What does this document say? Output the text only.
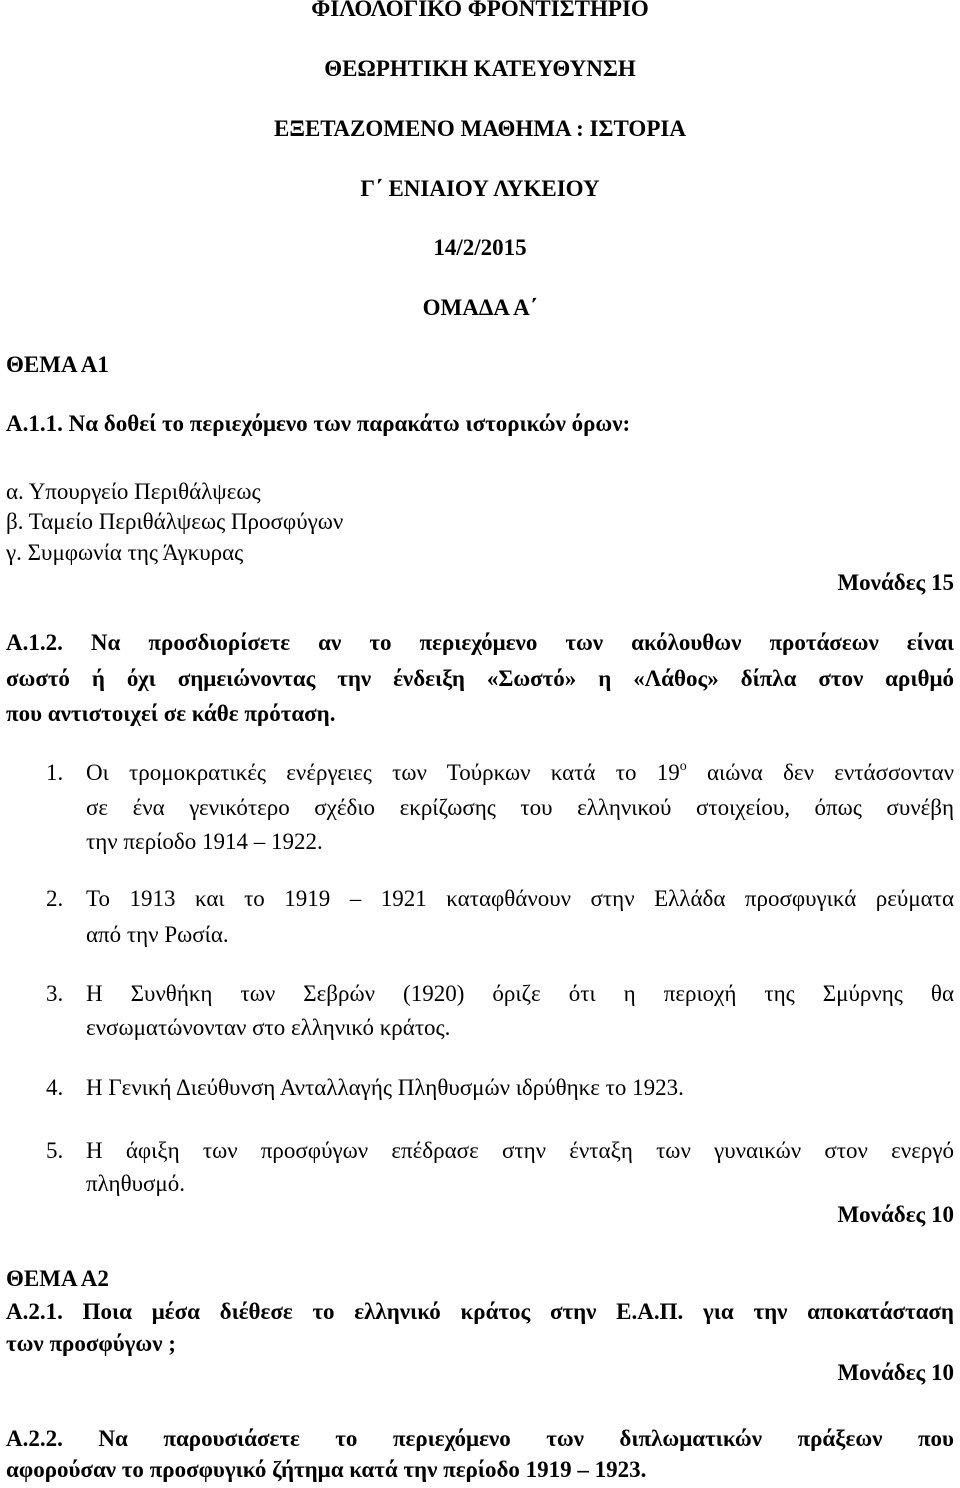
ΦΙΛΟΛΟΓΙΚΟ ΦΡΟΝΤΙΣΤΗΡΙΟ
ΘΕΩΡΗΤΙΚΗ ΚΑΤΕΥΘΥΝΣΗ
ΕΞΕΤΑΖΟΜΕΝΟ ΜΑΘΗΜΑ : ΙΣΤΟΡΙΑ
Γ΄ ΕΝΙΑΙΟΥ ΛΥΚΕΙΟΥ
14/2/2015
ΟΜΑΔΑ Α΄
ΘΕΜΑ Α1
Α.1.1. Να δοθεί το περιεχόμενο των παρακάτω ιστορικών όρων:
α. Υπουργείο Περιθάλψεως
β. Ταμείο Περιθάλψεως Προσφύγων
γ. Συμφωνία της Άγκυρας
Μονάδες 15
Α.1.2. Να προσδιορίσετε αν το περιεχόμενο των ακόλουθων προτάσεων είναι
σωστό ή όχι σημειώνοντας την ένδειξη «Σωστό» η «Λάθος» δίπλα στον αριθμό
που αντιστοιχεί σε κάθε πρόταση.
1. Οι τρομοκρατικές ενέργειες των Τούρκων κατά το $19^o$ αιώνα δεν εντάσσονταν
σε ένα γενικότερο σχέδιο εκρίζωσης του ελληνικού στοιχείου, όπως συνέβη
την περίοδο 1914 – 1922.
2. Το 1913 και το 1919 – 1921 καταφθάνουν στην Ελλάδα προσφυγικά ρεύματα
από την Ρωσία.
3. Η Συνθήκη των Σεβρών (1920) όριζε ότι η περιοχή της Σμύρνης θα
ενσωματώνονταν στο ελληνικό κράτος.
4. Η Γενική Διεύθυνση Ανταλλαγής Πληθυσμών ιδρύθηκε το 1923.
5. Η άφιξη των προσφύγων επέδρασε στην ένταξη των γυναικών στον ενεργό
πληθυσμό.
Μονάδες 10
ΘΕΜΑ Α2
Α.2.1. Ποια μέσα διέθεσε το ελληνικό κράτος στην Ε.Α.Π. για την αποκατάσταση
των προσφύγων ;
Μονάδες 10
Α.2.2. Να παρουσιάσετε το περιεχόμενο των διπλωματικών πράξεων που
αφορούσαν το προσφυγικό ζήτημα κατά την περίοδο 1919 – 1923.
